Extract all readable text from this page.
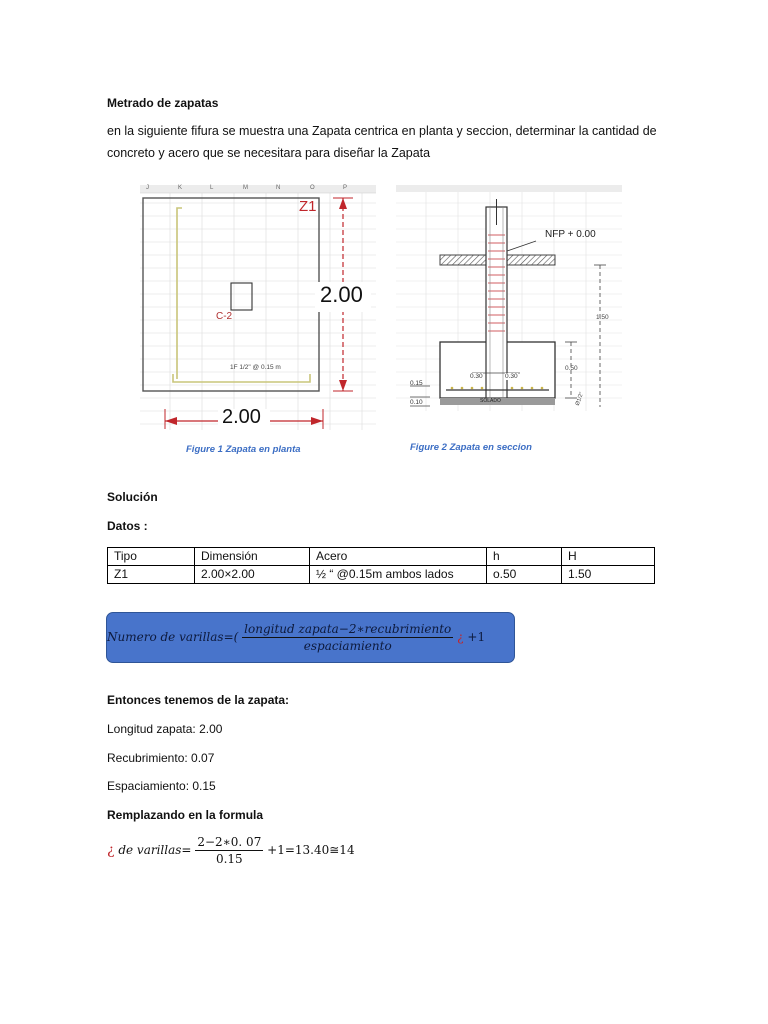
Metrado de zapatas
en la siguiente fifura se muestra una Zapata centrica en planta y seccion, determinar la cantidad de concreto y acero que se necesitara para diseñar la Zapata
J	K	L	M	N	O	P
Z1
C-2
1F 1/2" @ 0.15 m
2.00
2.00
Figure 1 Zapata en planta
NFP + 0.00
1.50
0.50
0.30	0.30
0.15
0.10	SOLADO	Ø1/2"
Figure 2 Zapata en seccion
Solución
Datos :
Tipo	Dimensión	Acero	h	H
Z1	2.00×2.00	½ “ @0.15m ambos lados	o.50	1.50
Numero de varillas=( $\frac{\text{longitud zapata−2∗recubrimiento}}{\text{espaciamiento}}$ ¿ +1
Entonces tenemos de la zapata:
Longitud zapata: 2.00
Recubrimiento: 0.07
Espaciamiento: 0.15
Remplazando en la formula
¿ de varillas= $\frac{2-2∗0. 07}{0.15}$ +1=13.40≅14
